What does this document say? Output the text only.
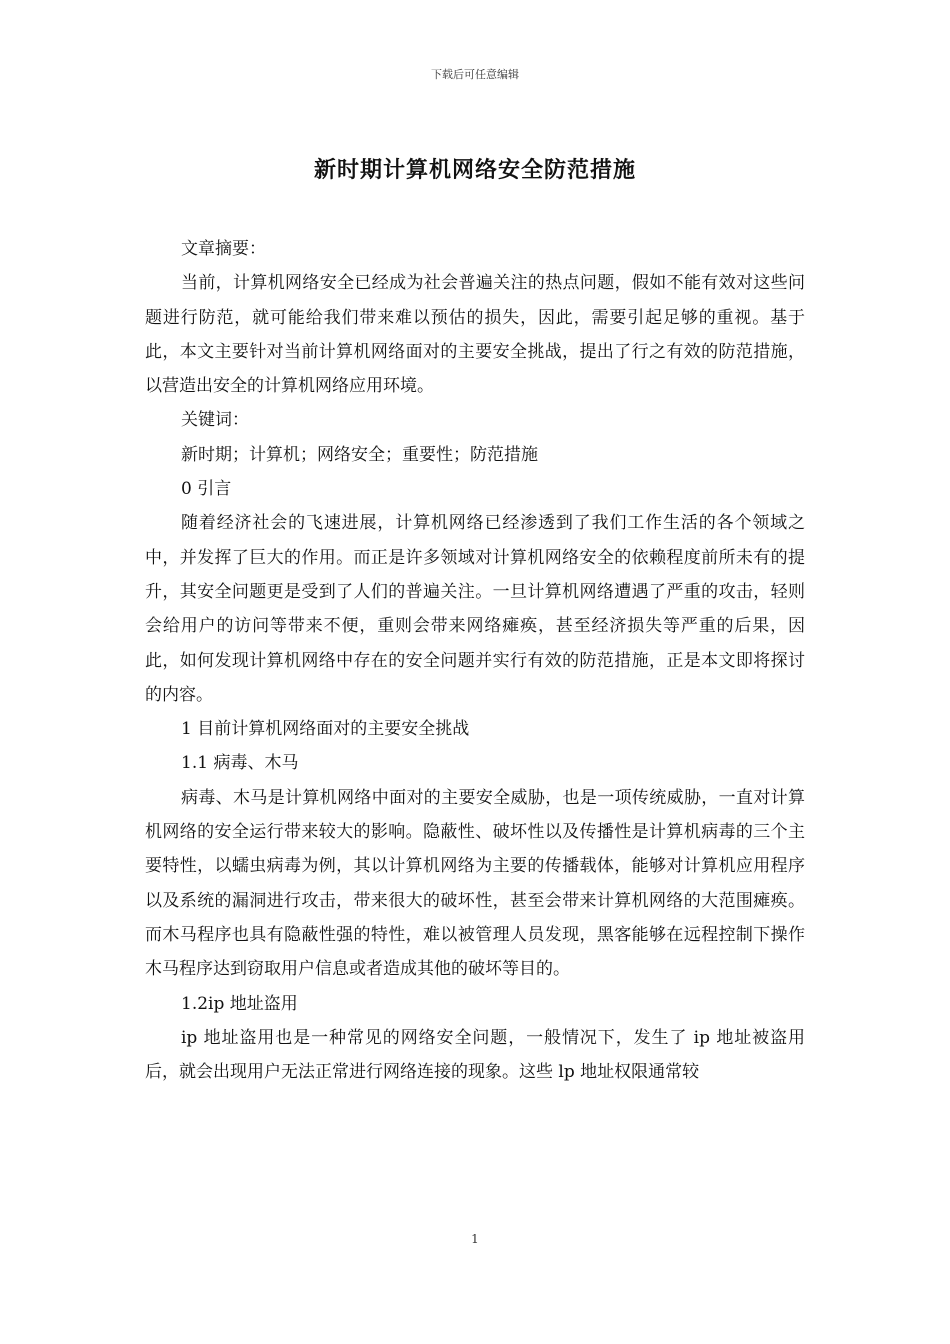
下载后可任意编辑
新时期计算机网络安全防范措施

文章摘要：

当前，计算机网络安全已经成为社会普遍关注的热点问题，假如不能有效对这些问题进行防范，就可能给我们带来难以预估的损失，因此，需要引起足够的重视。基于此，本文主要针对当前计算机网络面对的主要安全挑战，提出了行之有效的防范措施，以营造出安全的计算机网络应用环境。

关键词：

新时期；计算机；网络安全；重要性；防范措施

0 引言

随着经济社会的飞速进展，计算机网络已经渗透到了我们工作生活的各个领域之中，并发挥了巨大的作用。而正是许多领域对计算机网络安全的依赖程度前所未有的提升，其安全问题更是受到了人们的普遍关注。一旦计算机网络遭遇了严重的攻击，轻则会给用户的访问等带来不便，重则会带来网络瘫痪，甚至经济损失等严重的后果，因此，如何发现计算机网络中存在的安全问题并实行有效的防范措施，正是本文即将探讨的内容。

1 目前计算机网络面对的主要安全挑战

1.1 病毒、木马

病毒、木马是计算机网络中面对的主要安全威胁，也是一项传统威胁，一直对计算机网络的安全运行带来较大的影响。隐蔽性、破坏性以及传播性是计算机病毒的三个主要特性，以蠕虫病毒为例，其以计算机网络为主要的传播载体，能够对计算机应用程序以及系统的漏洞进行攻击，带来很大的破坏性，甚至会带来计算机网络的大范围瘫痪。而木马程序也具有隐蔽性强的特性，难以被管理人员发现，黑客能够在远程控制下操作木马程序达到窃取用户信息或者造成其他的破坏等目的。

1.2ip 地址盗用

ip 地址盗用也是一种常见的网络安全问题，一般情况下，发生了 ip 地址被盗用后，就会出现用户无法正常进行网络连接的现象。这些 lp 地址权限通常较

1
